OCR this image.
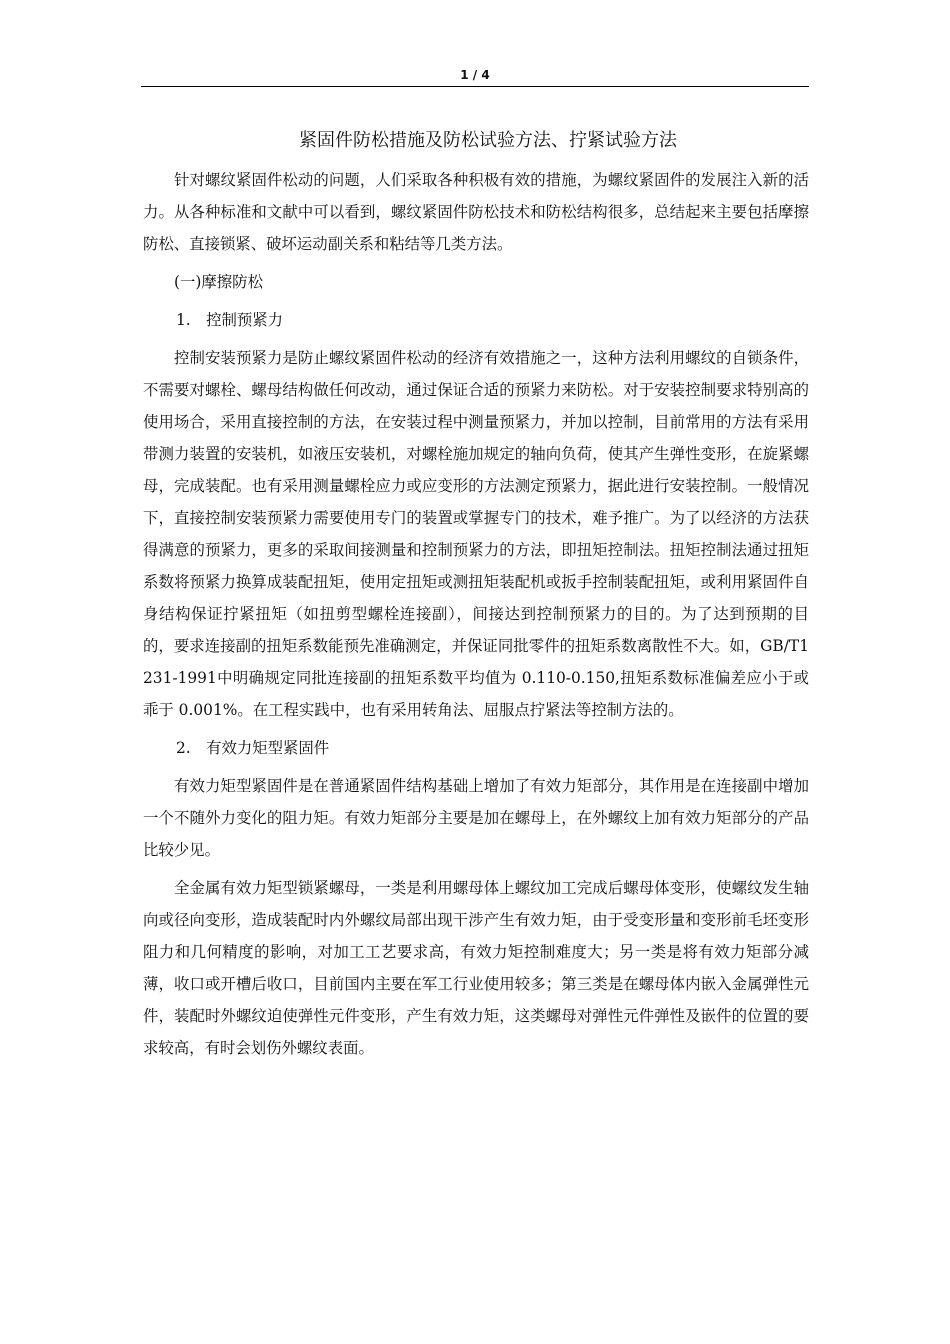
1 / 4
紧固件防松措施及防松试验方法、拧紧试验方法

针对螺纹紧固件松动的问题，人们采取各种积极有效的措施，为螺纹紧固件的发展注入新的活力。从各种标准和文献中可以看到，螺纹紧固件防松技术和防松结构很多，总结起来主要包括摩擦防松、直接锁紧、破坏运动副关系和粘结等几类方法。

(一)摩擦防松
1.　控制预紧力

控制安装预紧力是防止螺纹紧固件松动的经济有效措施之一，这种方法利用螺纹的自锁条件，不需要对螺栓、螺母结构做任何改动，通过保证合适的预紧力来防松。对于安装控制要求特别高的使用场合，采用直接控制的方法，在安装过程中测量预紧力，并加以控制，目前常用的方法有采用带测力装置的安装机，如液压安装机，对螺栓施加规定的轴向负荷，使其产生弹性变形，在旋紧螺母，完成装配。也有采用测量螺栓应力或应变形的方法测定预紧力，据此进行安装控制。一般情况下，直接控制安装预紧力需要使用专门的装置或掌握专门的技术，难予推广。为了以经济的方法获得满意的预紧力，更多的采取间接测量和控制预紧力的方法，即扭矩控制法。扭矩控制法通过扭矩系数将预紧力换算成装配扭矩，使用定扭矩或测扭矩装配机或扳手控制装配扭矩，或利用紧固件自身结构保证拧紧扭矩（如扭剪型螺栓连接副），间接达到控制预紧力的目的。为了达到预期的目的，要求连接副的扭矩系数能预先准确测定，并保证同批零件的扭矩系数离散性不大。如，GB/T1231-1991中明确规定同批连接副的扭矩系数平均值为 0.110-0.150,扭矩系数标准偏差应小于或乖于 0.001%。在工程实践中，也有采用转角法、屈服点拧紧法等控制方法的。

2.　有效力矩型紧固件

有效力矩型紧固件是在普通紧固件结构基础上增加了有效力矩部分，其作用是在连接副中增加一个不随外力变化的阻力矩。有效力矩部分主要是加在螺母上，在外螺纹上加有效力矩部分的产品比较少见。

全金属有效力矩型锁紧螺母，一类是利用螺母体上螺纹加工完成后螺母体变形，使螺纹发生轴向或径向变形，造成装配时内外螺纹局部出现干涉产生有效力矩，由于受变形量和变形前毛坯变形阻力和几何精度的影响，对加工工艺要求高，有效力矩控制难度大；另一类是将有效力矩部分减薄，收口或开槽后收口，目前国内主要在军工行业使用较多；第三类是在螺母体内嵌入金属弹性元件，装配时外螺纹迫使弹性元件变形，产生有效力矩，这类螺母对弹性元件弹性及嵌件的位置的要求较高，有时会划伤外螺纹表面。
